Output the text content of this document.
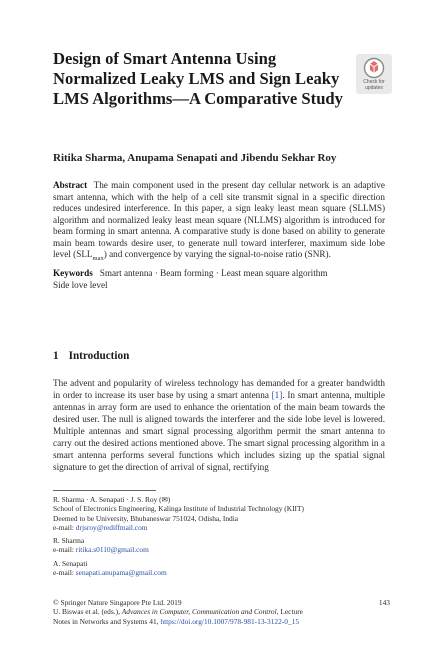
Design of Smart Antenna Using
Normalized Leaky LMS and Sign Leaky
LMS Algorithms—A Comparative Study
Check for
updates
Ritika Sharma, Anupama Senapati and Jibendu Sekhar Roy
Abstract The main component used in the present day cellular network is an adaptive smart antenna, which with the help of a cell site transmit signal in a specific direction reduces undesired interference. In this paper, a sign leaky least mean square (SLLMS) algorithm and normalized leaky least mean square (NLLMS) algorithm is introduced for beam forming in smart antenna. A comparative study is done based on ability to generate main beam towards desire user, to generate null toward interferer, maximum side lobe level $(SLL_{max})$ and convergence by varying the signal-to-noise ratio (SNR).
Keywords Smart antenna · Beam forming · Least mean square algorithm
Side love level
1 Introduction
The advent and popularity of wireless technology has demanded for a greater bandwidth in order to increase its user base by using a smart antenna [1]. In smart antenna, multiple antennas in array form are used to enhance the orientation of the main beam towards the desired user. The null is aligned towards the interferer and the side lobe level is lowered. Multiple antennas and smart signal processing algorithm permit the smart antenna to carry out the desired actions mentioned above. The smart signal processing algorithm in a smart antenna performs several functions which includes sizing up the spatial signal signature to get the direction of arrival of signal, rectifying
R. Sharma · A. Senapati · J. S. Roy (✉)
School of Electronics Engineering, Kalinga Institute of Industrial Technology (KIIT)
Deemed to be University, Bhubaneswar 751024, Odisha, India
e-mail: drjsroy@rediffmail.com
R. Sharma
e-mail: ritika.s0110@gmail.com
A. Senapati
e-mail: senapati.anupama@gmail.com
© Springer Nature Singapore Pte Ltd. 2019	143
U. Biswas et al. (eds.), Advances in Computer, Communication and Control, Lecture
Notes in Networks and Systems 41, https://doi.org/10.1007/978-981-13-3122-0_15
